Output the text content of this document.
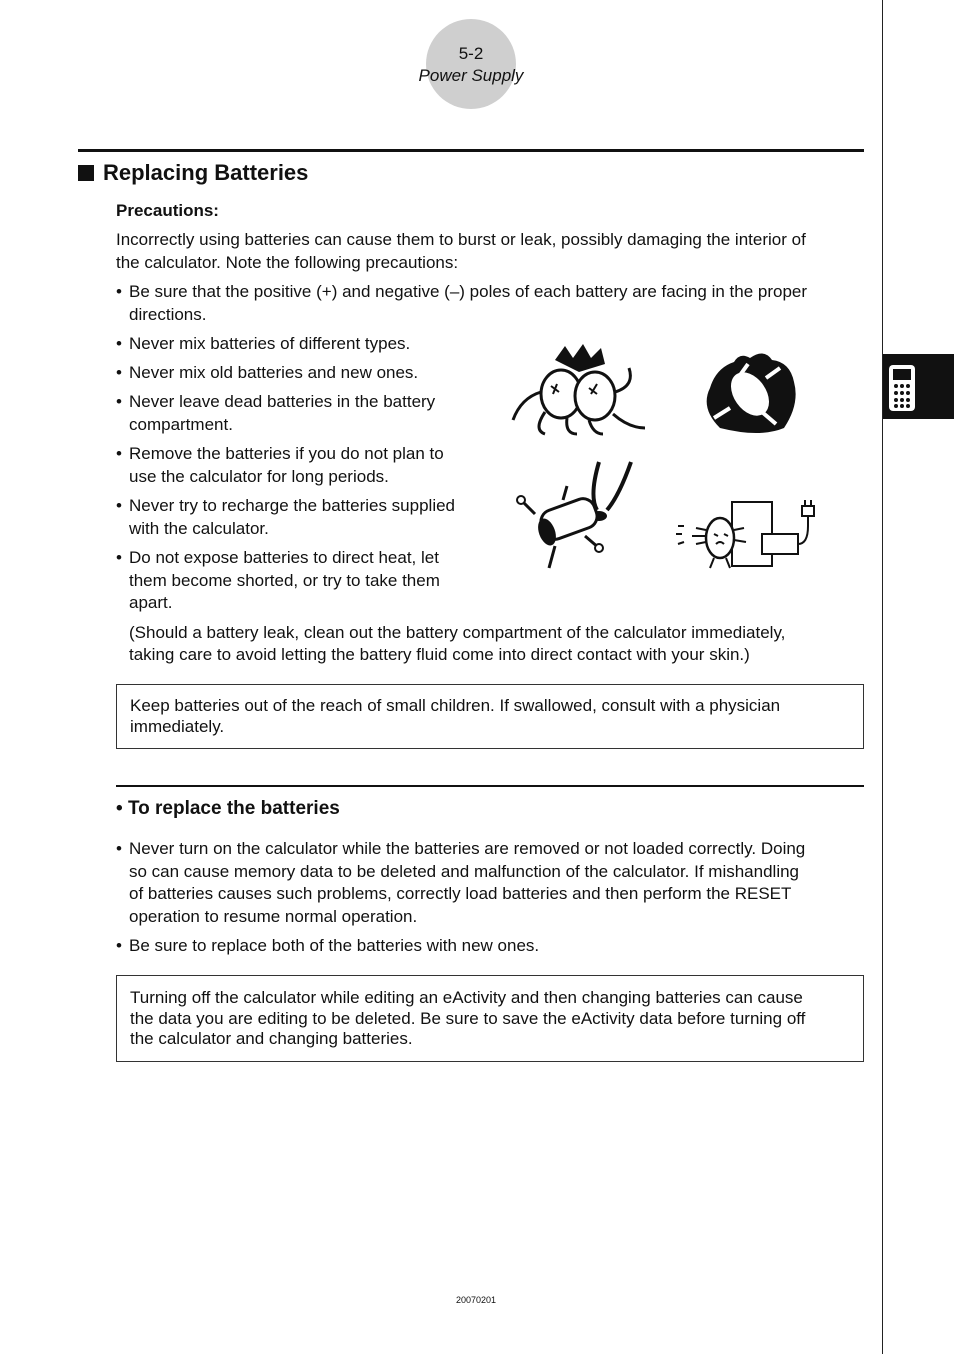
5-2
Power Supply
Replacing Batteries
Precautions:
Incorrectly using batteries can cause them to burst or leak, possibly damaging the interior of
the calculator. Note the following precautions:
• Be sure that the positive (+) and negative (–) poles of each battery are facing in the proper
directions.
• Never mix batteries of different types.
• Never mix old batteries and new ones.
• Never leave dead batteries in the battery
compartment.
• Remove the batteries if you do not plan to
use the calculator for long periods.
• Never try to recharge the batteries supplied
with the calculator.
• Do not expose batteries to direct heat, let
them become shorted, or try to take them
apart.
(Should a battery leak, clean out the battery compartment of the calculator immediately,
taking care to avoid letting the battery fluid come into direct contact with your skin.)
Keep batteries out of the reach of small children. If swallowed, consult with a physician
immediately.
• To replace the batteries
• Never turn on the calculator while the batteries are removed or not loaded correctly. Doing
so can cause memory data to be deleted and malfunction of the calculator. If mishandling
of batteries causes such problems, correctly load batteries and then perform the RESET
operation to resume normal operation.
• Be sure to replace both of the batteries with new ones.
Turning off the calculator while editing an eActivity and then changing batteries can cause
the data you are editing to be deleted. Be sure to save the eActivity data before turning off
the calculator and changing batteries.
20070201
